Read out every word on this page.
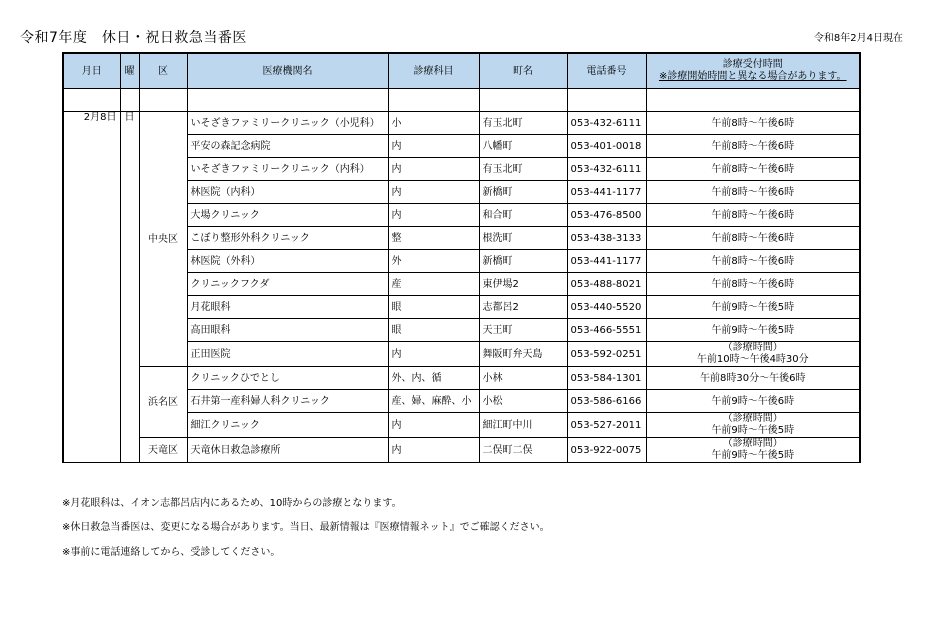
令和7年度　休日・祝日救急当番医	令和8年2月4日現在
月日	曜	区	医療機関名	診療科目	町名	電話番号	診療受付時間
※診療開始時間と異なる場合があります。

2月8日	日	中央区	いそざきファミリークリニック（小児科）	小	有玉北町	053-432-6111	午前8時～午後6時
			平安の森記念病院	内	八幡町	053-401-0018	午前8時～午後6時
			いそざきファミリークリニック（内科）	内	有玉北町	053-432-6111	午前8時～午後6時
			林医院（内科）	内	新橋町	053-441-1177	午前8時～午後6時
			大場クリニック	内	和合町	053-476-8500	午前8時～午後6時
			こぼり整形外科クリニック	整	根洗町	053-438-3133	午前8時～午後6時
			林医院（外科）	外	新橋町	053-441-1177	午前8時～午後6時
			クリニックフクダ	産	東伊場2	053-488-8021	午前8時～午後6時
			月花眼科	眼	志都呂2	053-440-5520	午前9時～午後5時
			高田眼科	眼	天王町	053-466-5551	午前9時～午後5時
			正田医院	内	舞阪町弁天島	053-592-0251	（診療時間）
午前10時～午後4時30分

		浜名区	クリニックひでとし	外、内、循	小林	053-584-1301	午前8時30分～午後6時
			石井第一産科婦人科クリニック	産、婦、麻酔、小	小松	053-586-6166	午前9時～午後6時
			細江クリニック	内	細江町中川	053-527-2011	（診療時間）
午前9時～午後5時

		天竜区	天竜休日救急診療所	内	二俣町二俣	053-922-0075	（診療時間）
午前9時～午後5時
※月花眼科は、イオン志都呂店内にあるため、10時からの診療となります。
※休日救急当番医は、変更になる場合があります。当日、最新情報は『医療情報ネット』でご確認ください。
※事前に電話連絡してから、受診してください。
